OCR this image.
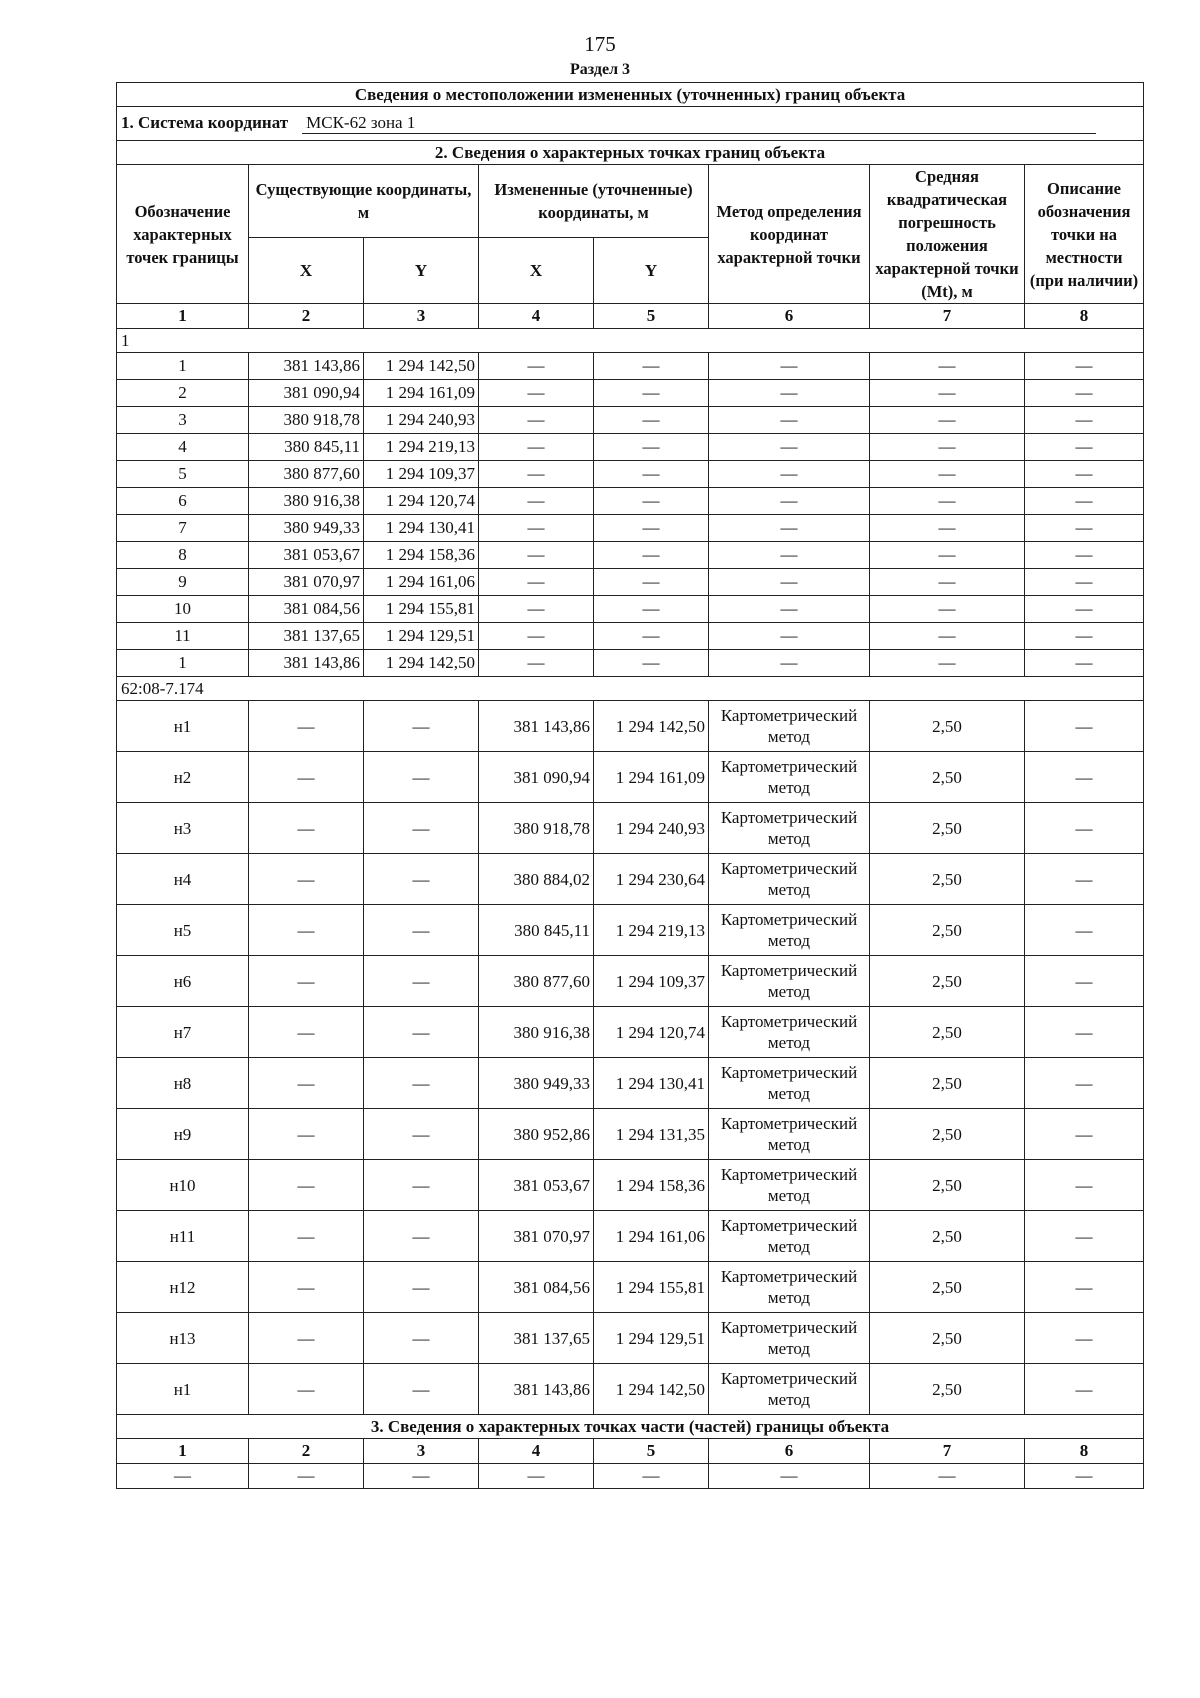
175
Раздел 3
Сведения о местоположении измененных (уточненных) границ объекта							
1. Система координат МСК-62 зона 1							
2. Сведения о характерных точках границ объекта							
Обозначение характерных точек границы	Существующие координаты, м		Измененные (уточненные) координаты, м		Метод определения координат характерной точки	Средняя квадратическая погрешность положения характерной точки (Mt), м	Описание обозначения точки на местности (при наличии)
	X	Y	X	Y			
1	2	3	4	5	6	7	8
1							
1	381 143,86	1 294 142,50	—	—	—	—	—
2	381 090,94	1 294 161,09	—	—	—	—	—
3	380 918,78	1 294 240,93	—	—	—	—	—
4	380 845,11	1 294 219,13	—	—	—	—	—
5	380 877,60	1 294 109,37	—	—	—	—	—
6	380 916,38	1 294 120,74	—	—	—	—	—
7	380 949,33	1 294 130,41	—	—	—	—	—
8	381 053,67	1 294 158,36	—	—	—	—	—
9	381 070,97	1 294 161,06	—	—	—	—	—
10	381 084,56	1 294 155,81	—	—	—	—	—
11	381 137,65	1 294 129,51	—	—	—	—	—
1	381 143,86	1 294 142,50	—	—	—	—	—
62:08-7.174							
н1	—	—	381 143,86	1 294 142,50	Картометрический метод	2,50	—
н2	—	—	381 090,94	1 294 161,09	Картометрический метод	2,50	—
н3	—	—	380 918,78	1 294 240,93	Картометрический метод	2,50	—
н4	—	—	380 884,02	1 294 230,64	Картометрический метод	2,50	—
н5	—	—	380 845,11	1 294 219,13	Картометрический метод	2,50	—
н6	—	—	380 877,60	1 294 109,37	Картометрический метод	2,50	—
н7	—	—	380 916,38	1 294 120,74	Картометрический метод	2,50	—
н8	—	—	380 949,33	1 294 130,41	Картометрический метод	2,50	—
н9	—	—	380 952,86	1 294 131,35	Картометрический метод	2,50	—
н10	—	—	381 053,67	1 294 158,36	Картометрический метод	2,50	—
н11	—	—	381 070,97	1 294 161,06	Картометрический метод	2,50	—
н12	—	—	381 084,56	1 294 155,81	Картометрический метод	2,50	—
н13	—	—	381 137,65	1 294 129,51	Картометрический метод	2,50	—
н1	—	—	381 143,86	1 294 142,50	Картометрический метод	2,50	—
3. Сведения о характерных точках части (частей) границы объекта							
1	2	3	4	5	6	7	8
—	—	—	—	—	—	—	—
